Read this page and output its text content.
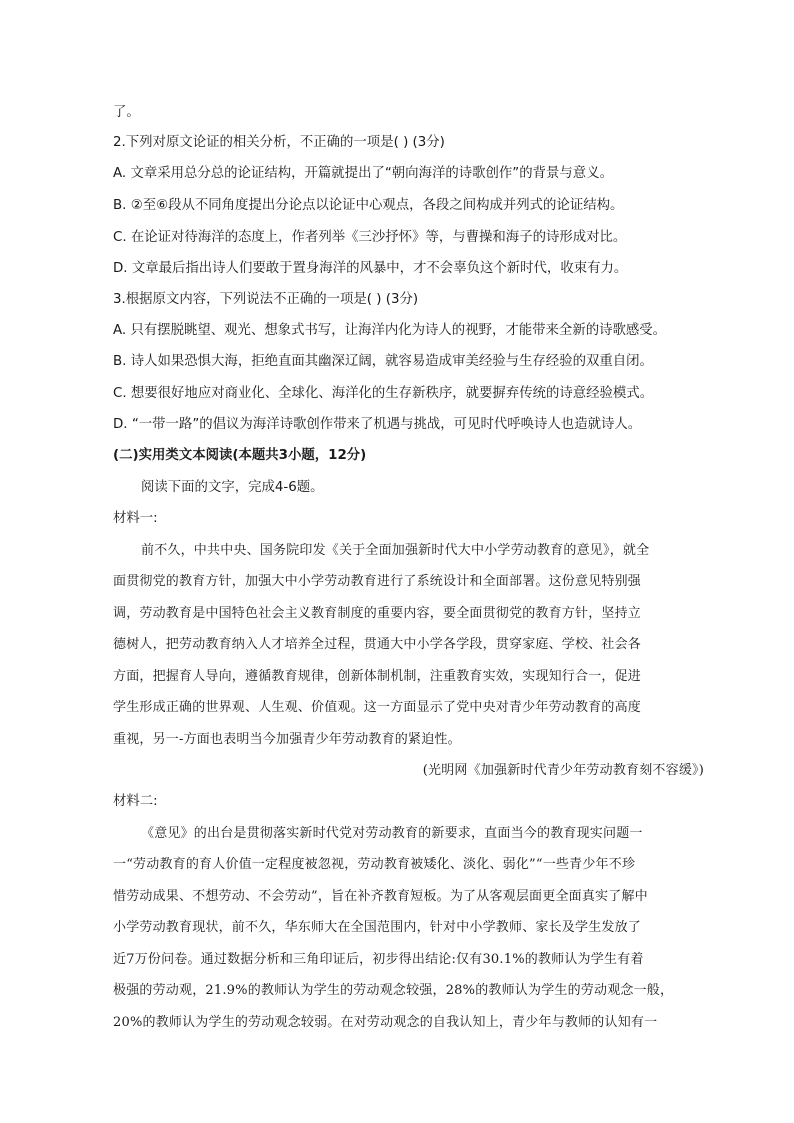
了。
2.下列对原文论证的相关分析，不正确的一项是( ) (3分)
A. 文章采用总分总的论证结构，开篇就提出了“朝向海洋的诗歌创作”的背景与意义。
B. ②至⑥段从不同角度提出分论点以论证中心观点，各段之间构成并列式的论证结构。
C. 在论证对待海洋的态度上，作者列举《三沙抒怀》等，与曹操和海子的诗形成对比。
D. 文章最后指出诗人们要敢于置身海洋的风暴中，才不会辜负这个新时代，收束有力。
3.根据原文内容，下列说法不正确的一项是( ) (3分)
A. 只有摆脱眺望、观光、想象式书写，让海洋内化为诗人的视野，才能带来全新的诗歌感受。
B. 诗人如果恐惧大海，拒绝直面其幽深辽阔，就容易造成审美经验与生存经验的双重自闭。
C. 想要很好地应对商业化、全球化、海洋化的生存新秩序，就要摒弃传统的诗意经验模式。
D. “一带一路”的倡议为海洋诗歌创作带来了机遇与挑战，可见时代呼唤诗人也造就诗人。
(二)实用类文本阅读(本题共3小题，12分)
阅读下面的文字，完成4-6题。
材料一:
前不久，中共中央、国务院印发《关于全面加强新时代大中小学劳动教育的意见》，就全
面贯彻党的教育方针，加强大中小学劳动教育进行了系统设计和全面部署。这份意见特别强
调，劳动教育是中国特色社会主义教育制度的重要内容，要全面贯彻党的教育方针，坚持立
德树人，把劳动教育纳入人才培养全过程，贯通大中小学各学段，贯穿家庭、学校、社会各
方面，把握育人导向，遵循教育规律，创新体制机制，注重教育实效，实现知行合一，促进
学生形成正确的世界观、人生观、价值观。这一方面显示了党中央对青少年劳动教育的高度
重视，另一-方面也表明当今加强青少年劳动教育的紧迫性。
(光明网《加强新时代青少年劳动教育刻不容缓》)
材料二:
《意见》的出台是贯彻落实新时代党对劳动教育的新要求，直面当今的教育现实问题一
一“劳动教育的育人价值一定程度被忽视，劳动教育被矮化、淡化、弱化”“一些青少年不珍
惜劳动成果、不想劳动、不会劳动”，旨在补齐教育短板。为了从客观层面更全面真实了解中
小学劳动教育现状，前不久，华东师大在全国范围内，针对中小学教师、家长及学生发放了
近7万份问卷。通过数据分析和三角印证后，初步得出结论:仅有30.1%的教师认为学生有着
极强的劳动观，21.9%的教师认为学生的劳动观念较强，28%的教师认为学生的劳动观念一般，
20%的教师认为学生的劳动观念较弱。在对劳动观念的自我认知上，青少年与教师的认知有一
